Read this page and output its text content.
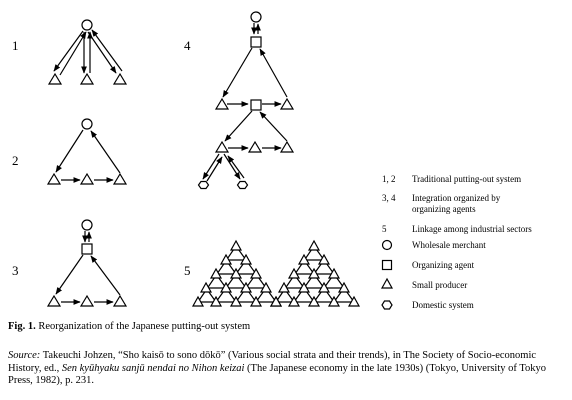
1
2
3
4
5
1, 2 Traditional putting-out system
3, 4 Integration organized by organizing agents
5	Linkage among industrial sectors
Wholesale merchant
Organizing agent
Small producer
Domestic system
Fig. 1. Reorganization of the Japanese putting-out system
Source: Takeuchi Johzen, “Sho kaisō to sono dōkō” (Various social strata and their trends), in The Society of Socio-economic History, ed., Sen kyūhyaku sanjū nendai no Nihon keizai (The Japanese economy in the late 1930s) (Tokyo, University of Tokyo Press, 1982), p. 231.
